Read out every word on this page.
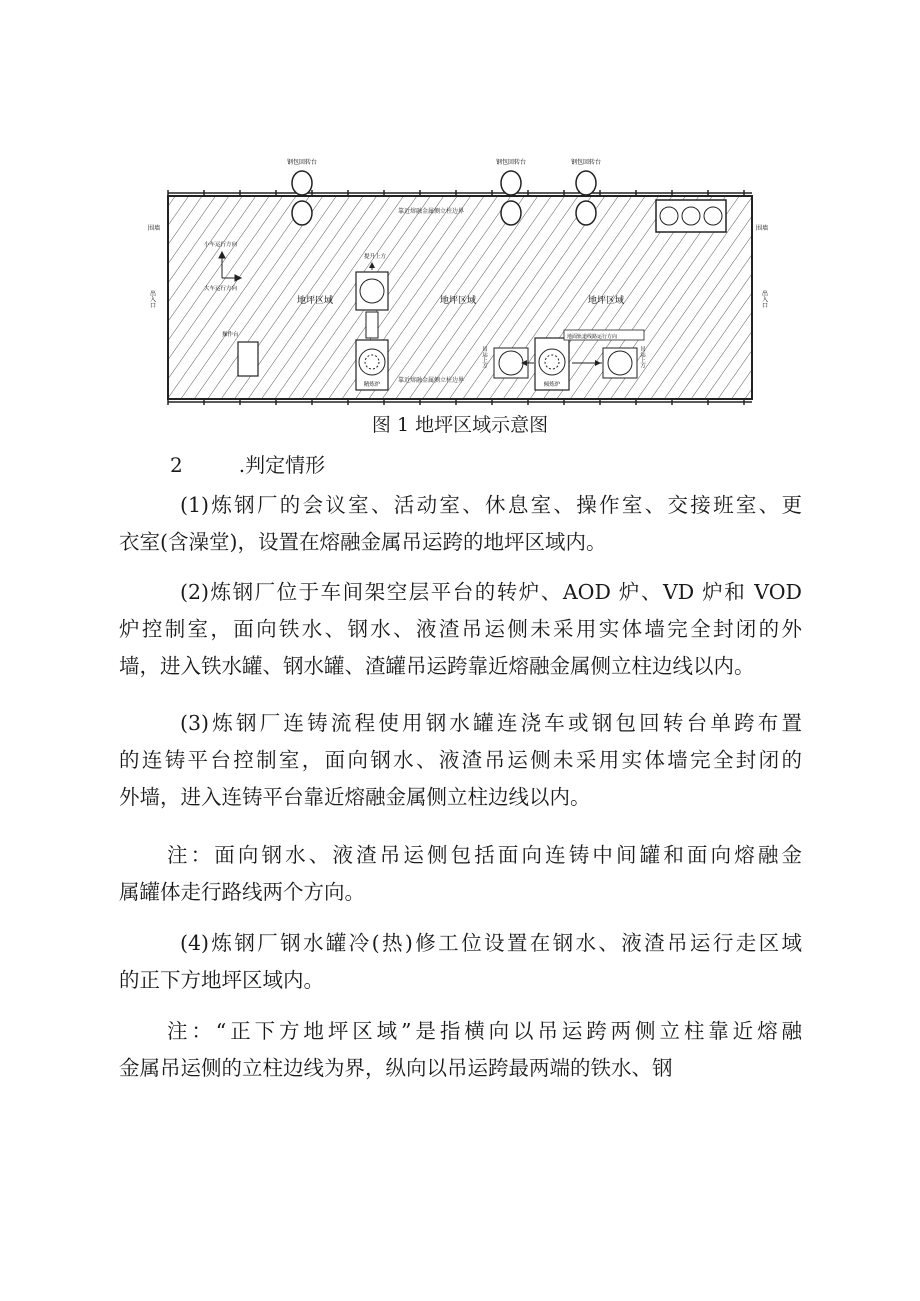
钢包回转台	钢包回转台	钢包回转台
靠近熔融金属侧立柱边界
靠近熔融金属侧立柱边界
围墙	围墙
出入口	出入口
小车运行方向
大车运行方向
地坪区域	地坪区域	地坪区域
操作台
提升上方
精炼炉
地面轨道线路运行方向
倾炼炉
吊运上方	吊运上方
图 1 地坪区域示意图
2	.判定情形
(1)炼钢厂的会议室、活动室、休息室、操作室、交接班室、更
衣室(含澡堂)，设置在熔融金属吊运跨的地坪区域内。
(2)炼钢厂位于车间架空层平台的转炉、AOD 炉、VD 炉和 VOD
炉控制室，面向铁水、钢水、液渣吊运侧未采用实体墙完全封闭的外
墙，进入铁水罐、钢水罐、渣罐吊运跨靠近熔融金属侧立柱边线以内。
(3)炼钢厂连铸流程使用钢水罐连浇车或钢包回转台单跨布置
的连铸平台控制室，面向钢水、液渣吊运侧未采用实体墙完全封闭的
外墙，进入连铸平台靠近熔融金属侧立柱边线以内。
注：面向钢水、液渣吊运侧包括面向连铸中间罐和面向熔融金
属罐体走行路线两个方向。
(4)炼钢厂钢水罐冷(热)修工位设置在钢水、液渣吊运行走区域
的正下方地坪区域内。
注：“正下方地坪区域”是指横向以吊运跨两侧立柱靠近熔融
金属吊运侧的立柱边线为界，纵向以吊运跨最两端的铁水、钢
